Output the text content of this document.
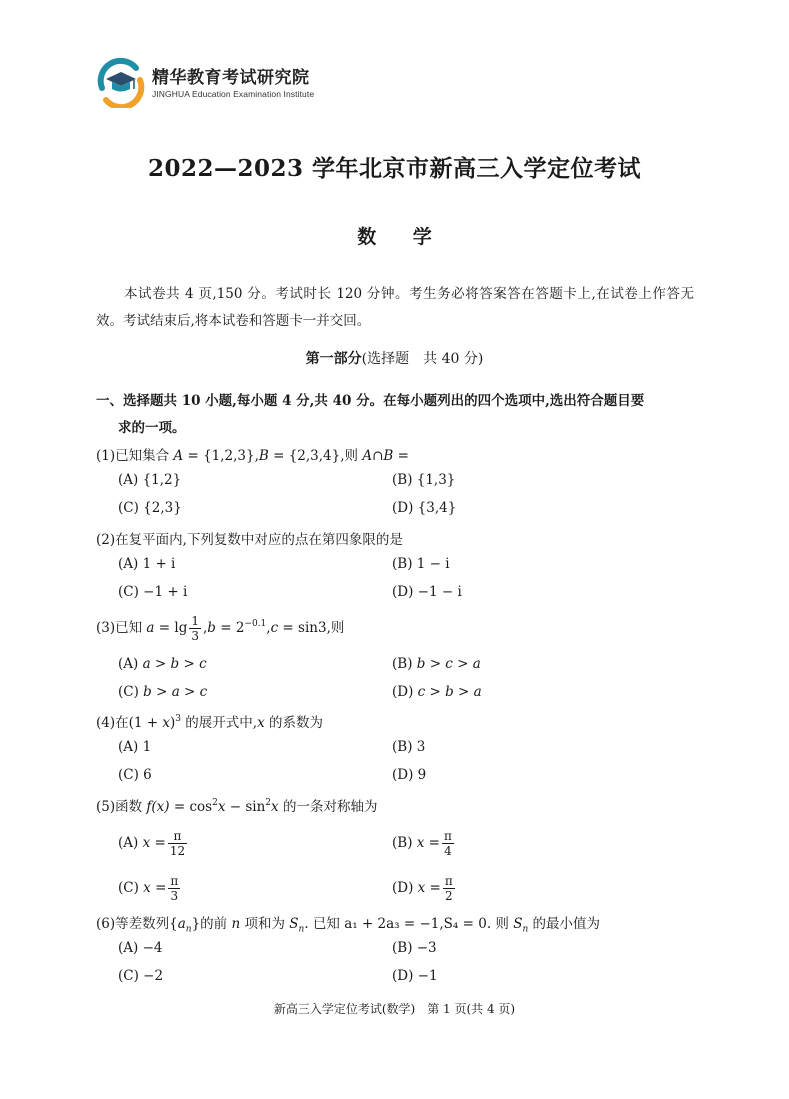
精华教育考试研究院
JINGHUA Education Examination Institute
2022—2023 学年北京市新高三入学定位考试
数 学
本试卷共 4 页,150 分。考试时长 120 分钟。考生务必将答案答在答题卡上,在试卷上作答无效。考试结束后,将本试卷和答题卡一并交回。
第一部分(选择题　共 40 分)
一、选择题共 10 小题,每小题 4 分,共 40 分。在每小题列出的四个选项中,选出符合题目要
求的一项。
(1)已知集合 A = {1,2,3},B = {2,3,4},则 A∩B =
(A) {1,2}	(B) {1,3}
(C) {2,3}	(D) {3,4}
(2)在复平面内,下列复数中对应的点在第四象限的是
(A) 1 + i	(B) 1 − i
(C) −1 + i	(D) −1 − i
(3)已知 $a = \lg \frac{1}{3} ,b = 2^{-0.1},c = \sin 3$,则
(A) a > b > c	(B) b > c > a
(C) b > a > c	(D) c > b > a
(4)在$(1 + x)^3$ 的展开式中,x 的系数为
(A) 1	(B) 3
(C) 6	(D) 9
(5)函数 $f(x) = \cos^2x - \sin^2x$ 的一条对称轴为
(A) $x = \frac{\pi}{12}$	(B) $x = \frac{\pi}{4}$
(C) $x = \frac{\pi}{3}$	(D) $x = \frac{\pi}{2}$
(6)等差数列$\{a_n\}$的前 n 项和为 $S_n$. 已知 a₁ + 2a₃ = −1,S₄ = 0. 则 $S_n$ 的最小值为
(A) −4	(B) −3
(C) −2	(D) −1
新高三入学定位考试(数学)　第 1 页(共 4 页)
